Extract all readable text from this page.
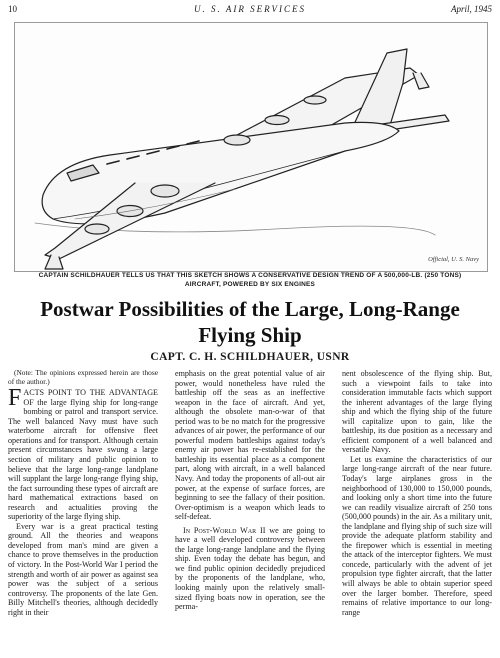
10	U. S. AIR SERVICES	April, 1945
Official, U. S. Navy
CAPTAIN SCHILDHAUER TELLS US THAT THIS SKETCH SHOWS A CONSERVATIVE DESIGN TREND OF A 500,000-LB. (250 TONS) AIRCRAFT, POWERED BY SIX ENGINES
Postwar Possibilities of the Large, Long-Range Flying Ship
CAPT. C. H. SCHILDHAUER, USNR

(Note: The opinions expressed herein are those of the author.)

FACTS POINT TO THE ADVANTAGE OF the large flying ship for long-range bombing or patrol and transport service. The well balanced Navy must have such waterborne aircraft for offensive fleet operations and for transport. Although certain present circumstances have swung a large section of military and public opinion to believe that the large long-range landplane will supplant the large long-range flying ship, the fact surrounding these types of aircraft are hard mathematical extractions based on research and actualities proving the superiority of the large flying ship.

Every war is a great practical testing ground. All the theories and weapons developed from man's mind are given a chance to prove themselves in the production of victory. In the Post-World War I period the strength and worth of air power as against sea power was the subject of a serious controversy. The proponents of the late Gen. Billy Mitchell's theories, although decidedly right in their

emphasis on the great potential value of air power, would nonetheless have ruled the battleship off the seas as an ineffective weapon in the face of aircraft. And yet, although the obsolete man-o-war of that period was to be no match for the progressive advances of air power, the performance of our powerful modern battleships against today's enemy air power has re-established for the battleship its essential place as a component part, along with aircraft, in a well balanced Navy. And today the proponents of all-out air power, at the expense of surface forces, are beginning to see the fallacy of their position. Over-optimism is a weapon which leads to self-defeat.

In Post-World War II we are going to have a well developed controversy between the large long-range landplane and the flying ship. Even today the debate has begun, and we find public opinion decidedly prejudiced by the proponents of the landplane, who, looking mainly upon the relatively small-sized flying boats now in operation, see the perma-

nent obsolescence of the flying ship. But, such a viewpoint fails to take into consideration immutable facts which support the inherent advantages of the large flying ship and which the flying ship of the future will capitalize upon to gain, like the battleship, its due position as a necessary and efficient component of a well balanced and versatile Navy.

Let us examine the characteristics of our large long-range aircraft of the near future. Today's large airplanes gross in the neighborhood of 130,000 to 150,000 pounds, and looking only a short time into the future we can readily visualize aircraft of 250 tons (500,000 pounds) in the air. As a military unit, the landplane and flying ship of such size will provide the adequate platform stability and the firepower which is essential in meeting the attack of the interceptor fighters. We must concede, particularly with the advent of jet propulsion type fighter aircraft, that the latter will always be able to obtain superior speed over the larger bomber. Therefore, speed remains of relative importance to our long-range
